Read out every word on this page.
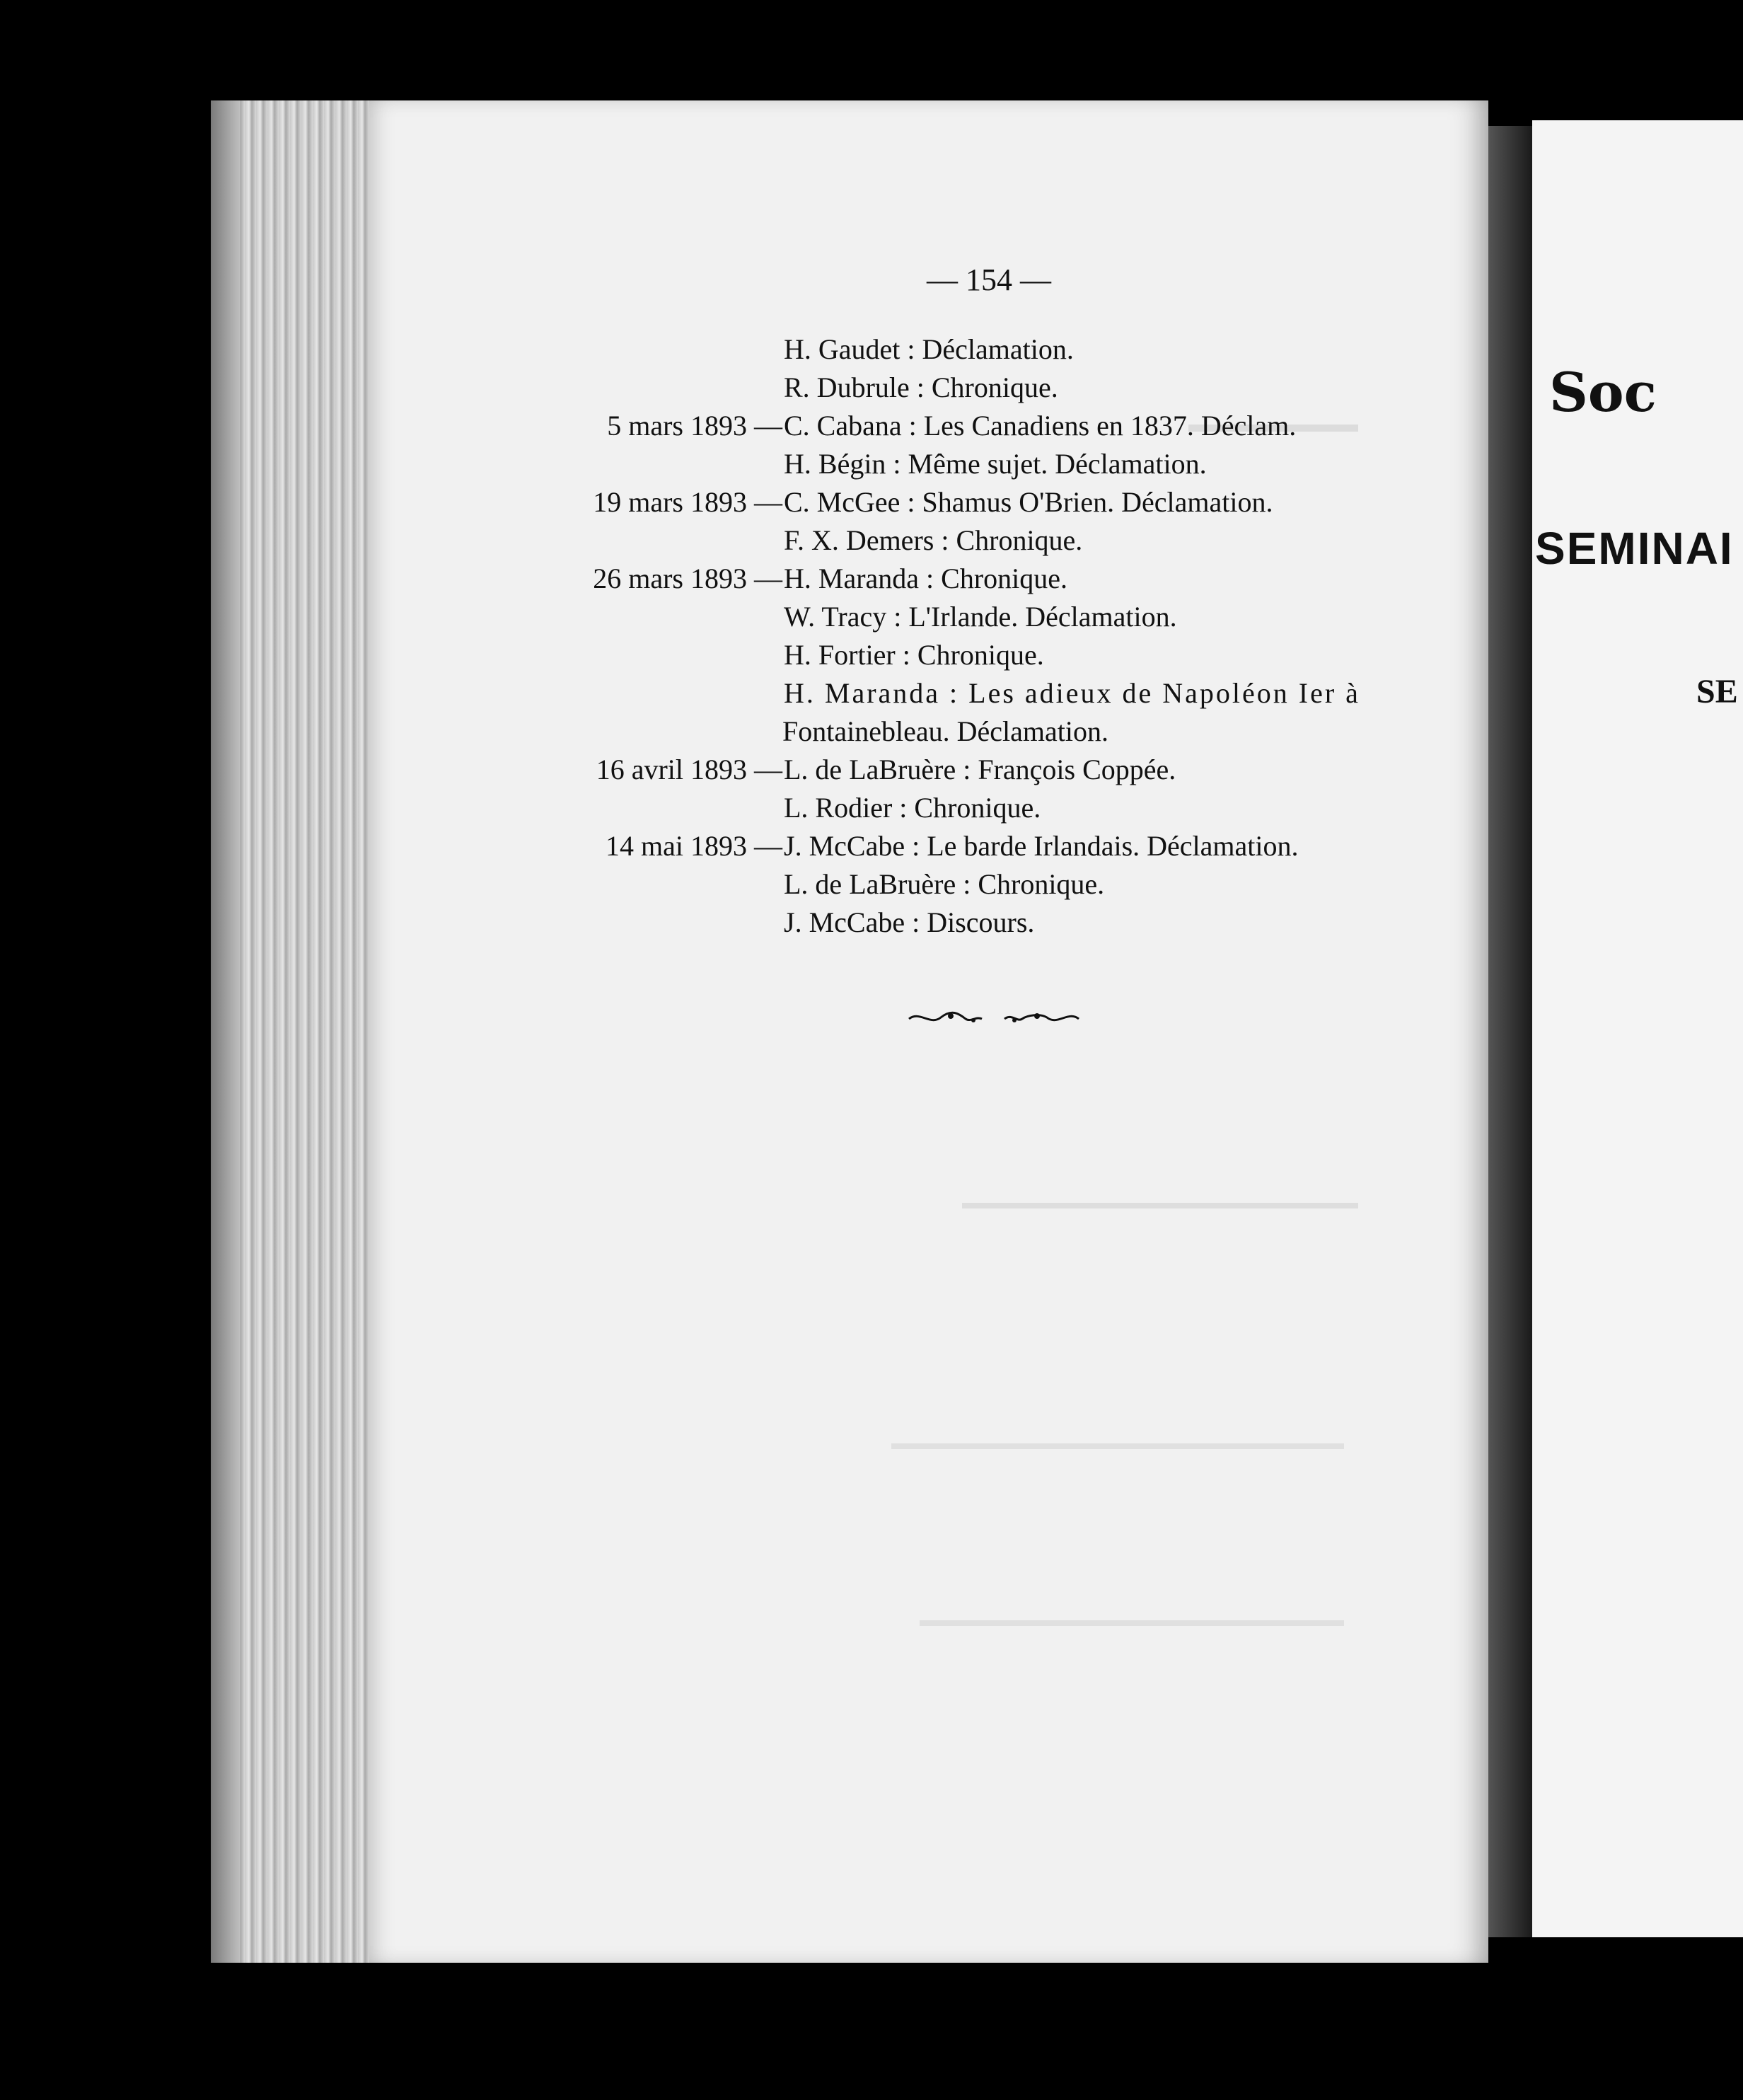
— 154 —
H. Gaudet : Déclamation.
R. Dubrule : Chronique.
5 mars 1893 — C. Cabana : Les Canadiens en 1837. Déclam.
H. Bégin : Même sujet. Déclamation.
19 mars 1893 — C. McGee : Shamus O'Brien. Déclamation.
F. X. Demers : Chronique.
26 mars 1893 — H. Maranda : Chronique.
W. Tracy : L'Irlande. Déclamation.
H. Fortier : Chronique.
H. Maranda : Les adieux de Napoléon Ier à
Fontainebleau. Déclamation.
16 avril 1893 — L. de LaBruère : François Coppée.
L. Rodier : Chronique.
14 mai 1893 — J. McCabe : Le barde Irlandais. Déclamation.
L. de LaBruère : Chronique.
J. McCabe : Discours.
Soc
SEMINAI
SE
